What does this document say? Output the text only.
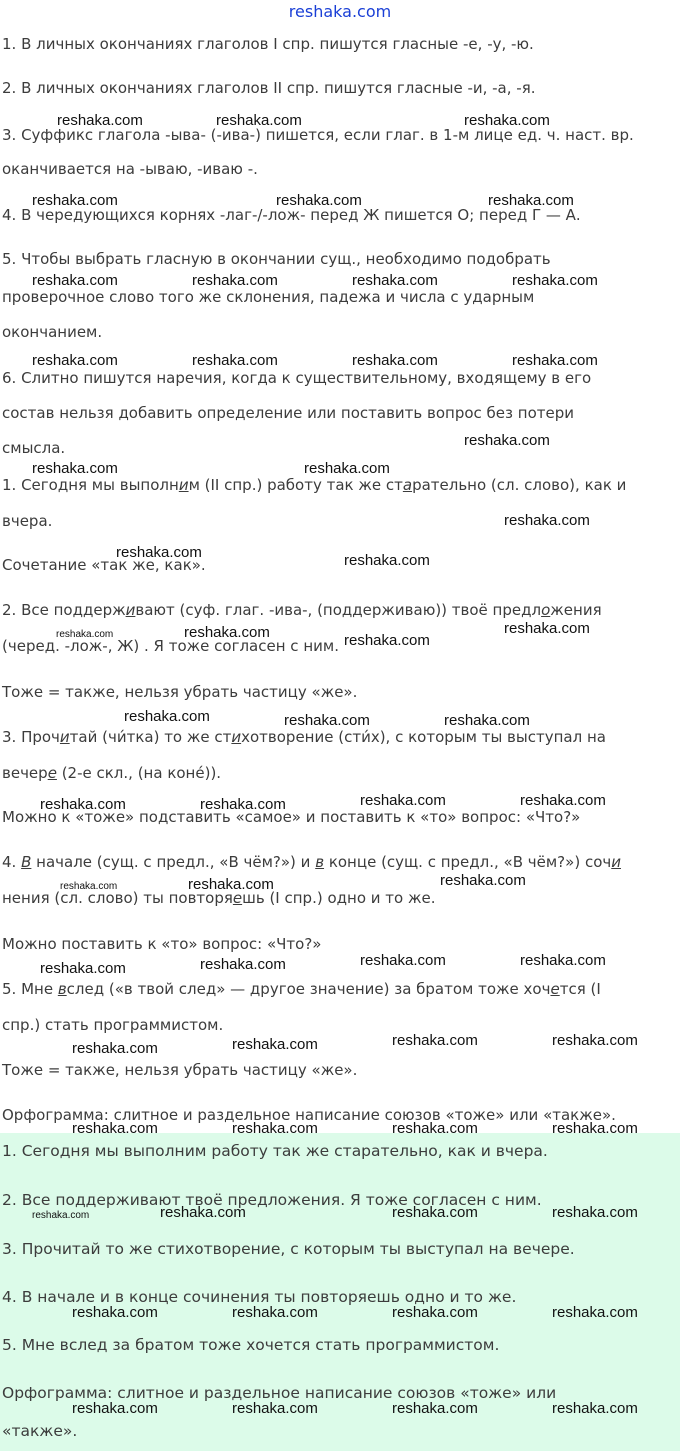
reshaka.com
1. В личных окончаниях глаголов I спр. пишутся гласные -е, -у, -ю.
2. В личных окончаниях глаголов II спр. пишутся гласные -и, -а, -я.
3. Суффикс глагола -ыва- (-ива-) пишется, если глаг. в 1-м лице ед. ч. наст. вр.
оканчивается на -ываю, -иваю -.
4. В чередующихся корнях -лаг-/-лож- перед Ж пишется О; перед Г — А.
5. Чтобы выбрать гласную в окончании сущ., необходимо подобрать
проверочное слово того же склонения, падежа и числа с ударным
окончанием.
6. Слитно пишутся наречия, когда к существительному, входящему в его
состав нельзя добавить определение или поставить вопрос без потери
смысла.
1. Сегодня мы выполним (II спр.) работу так же старательно (сл. слово), как и
вчера.
Сочетание «так же, как».
2. Все поддерживают (суф. глаг. -ива-, (поддерживаю)) твоё предложения
(черед. -лож-, Ж) . Я тоже согласен с ним.
Тоже = также, нельзя убрать частицу «же».
3. Прочитай (чи́тка) то же стихотворение (сти́х), с которым ты выступал на
вечере (2-е скл., (на коне́)).
Можно к «тоже» подставить «самое» и поставить к «то» вопрос: «Что?»
4. В начале (сущ. с предл., «В чём?») и в конце (сущ. с предл., «В чём?») сочи
нения (сл. слово) ты повторяешь (I спр.) одно и то же.
Можно поставить к «то» вопрос: «Что?»
5. Мне вслед («в твой след» — другое значение) за братом тоже хочется (I
спр.) стать программистом.
Тоже = также, нельзя убрать частицу «же».
Орфограмма: слитное и раздельное написание союзов «тоже» или «также».
1. Сегодня мы выполним работу так же старательно, как и вчера.
2. Все поддерживают твоё предложения. Я тоже согласен с ним.
3. Прочитай то же стихотворение, с которым ты выступал на вечере.
4. В начале и в конце сочинения ты повторяешь одно и то же.
5. Мне вслед за братом тоже хочется стать программистом.
Орфограмма: слитное и раздельное написание союзов «тоже» или
«также».
reshaka.com	reshaka.com	reshaka.com
reshaka.com	reshaka.com	reshaka.com
reshaka.com	reshaka.com	reshaka.com	reshaka.com
reshaka.com	reshaka.com	reshaka.com	reshaka.com
reshaka.com
reshaka.com	reshaka.com
reshaka.com
reshaka.com	reshaka.com
reshaka.com
reshaka.com	reshaka.com	reshaka.com
reshaka.com	reshaka.com	reshaka.com
reshaka.com	reshaka.com	reshaka.com	reshaka.com
reshaka.com	reshaka.com	reshaka.com
reshaka.com	reshaka.com	reshaka.com	reshaka.com
reshaka.com	reshaka.com	reshaka.com	reshaka.com
reshaka.com	reshaka.com	reshaka.com	reshaka.com
reshaka.com	reshaka.com	reshaka.com	reshaka.com
reshaka.com	reshaka.com	reshaka.com	reshaka.com
reshaka.com	reshaka.com	reshaka.com	reshaka.com
